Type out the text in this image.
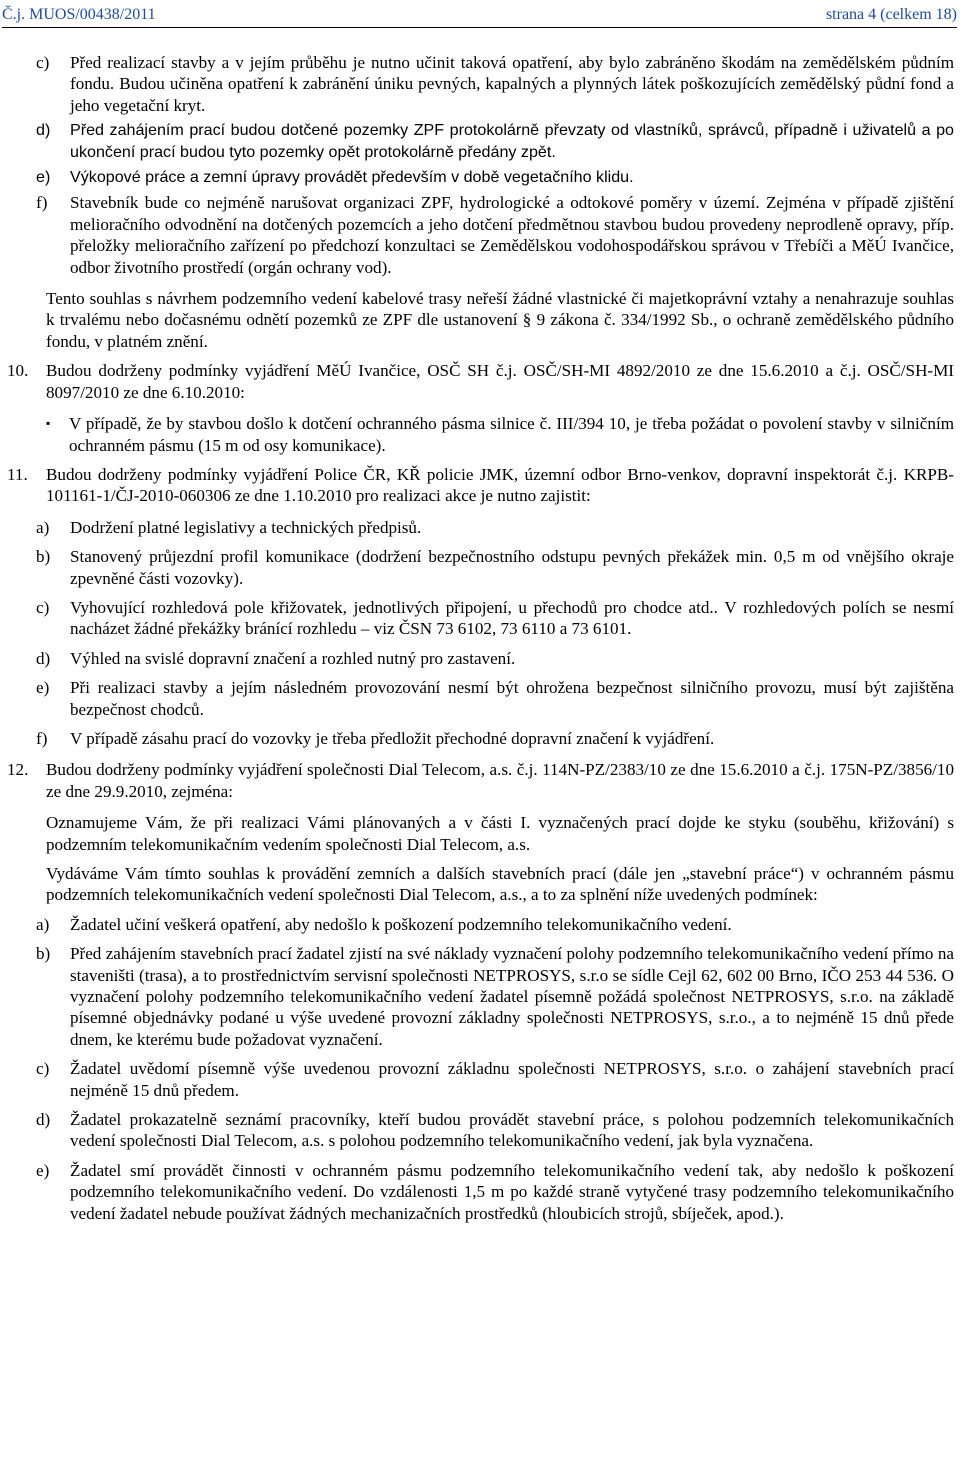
Č.j. MUOS/00438/2011	strana 4 (celkem 18)
c) Před realizací stavby a v jejím průběhu je nutno učinit taková opatření, aby bylo zabráněno škodám na zemědělském půdním fondu. Budou učiněna opatření k zabránění úniku pevných, kapalných a plynných látek poškozujících zemědělský půdní fond a jeho vegetační kryt.
d) Před zahájením prací budou dotčené pozemky ZPF protokolárně převzaty od vlastníků, správců, případně i uživatelů a po ukončení prací budou tyto pozemky opět protokolárně předány zpět.
e) Výkopové práce a zemní úpravy provádět především v době vegetačního klidu.
f) Stavebník bude co nejméně narušovat organizaci ZPF, hydrologické a odtokové poměry v území. Zejména v případě zjištění melioračního odvodnění na dotčených pozemcích a jeho dotčení předmětnou stavbou budou provedeny neprodleně opravy, příp. přeložky melioračního zařízení po předchozí konzultaci se Zemědělskou vodohospodářskou správou v Třebíči a MěÚ Ivančice, odbor životního prostředí (orgán ochrany vod).
Tento souhlas s návrhem podzemního vedení kabelové trasy neřeší žádné vlastnické či majetkoprávní vztahy a nenahrazuje souhlas k trvalému nebo dočasnému odnětí pozemků ze ZPF dle ustanovení § 9 zákona č. 334/1992 Sb., o ochraně zemědělského půdního fondu, v platném znění.
10. Budou dodrženy podmínky vyjádření MěÚ Ivančice, OSČ SH č.j. OSČ/SH-MI 4892/2010 ze dne 15.6.2010 a č.j. OSČ/SH-MI 8097/2010 ze dne 6.10.2010:
▪ V případě, že by stavbou došlo k dotčení ochranného pásma silnice č. III/394 10, je třeba požádat o povolení stavby v silničním ochranném pásmu (15 m od osy komunikace).
11. Budou dodrženy podmínky vyjádření Police ČR, KŘ policie JMK, územní odbor Brno-venkov, dopravní inspektorát č.j. KRPB-101161-1/ČJ-2010-060306 ze dne 1.10.2010 pro realizaci akce je nutno zajistit:
a) Dodržení platné legislativy a technických předpisů.
b) Stanovený průjezdní profil komunikace (dodržení bezpečnostního odstupu pevných překážek min. 0,5 m od vnějšího okraje zpevněné části vozovky).
c) Vyhovující rozhledová pole křižovatek, jednotlivých připojení, u přechodů pro chodce atd.. V rozhledových polích se nesmí nacházet žádné překážky bránící rozhledu – viz ČSN 73 6102, 73 6110 a 73 6101.
d) Výhled na svislé dopravní značení a rozhled nutný pro zastavení.
e) Při realizaci stavby a jejím následném provozování nesmí být ohrožena bezpečnost silničního provozu, musí být zajištěna bezpečnost chodců.
f) V případě zásahu prací do vozovky je třeba předložit přechodné dopravní značení k vyjádření.
12. Budou dodrženy podmínky vyjádření společnosti Dial Telecom, a.s. č.j. 114N-PZ/2383/10 ze dne 15.6.2010 a č.j. 175N-PZ/3856/10 ze dne 29.9.2010, zejména:
Oznamujeme Vám, že při realizaci Vámi plánovaných a v části I. vyznačených prací dojde ke styku (souběhu, křižování) s podzemním telekomunikačním vedením společnosti Dial Telecom, a.s.
Vydáváme Vám tímto souhlas k provádění zemních a dalších stavebních prací (dále jen „stavební práce“) v ochranném pásmu podzemních telekomunikačních vedení společnosti Dial Telecom, a.s., a to za splnění níže uvedených podmínek:
a) Žadatel učiní veškerá opatření, aby nedošlo k poškození podzemního telekomunikačního vedení.
b) Před zahájením stavebních prací žadatel zjistí na své náklady vyznačení polohy podzemního telekomunikačního vedení přímo na staveništi (trasa), a to prostřednictvím servisní společnosti NETPROSYS, s.r.o se sídle Cejl 62, 602 00 Brno, IČO 253 44 536. O vyznačení polohy podzemního telekomunikačního vedení žadatel písemně požádá společnost NETPROSYS, s.r.o. na základě písemné objednávky podané u výše uvedené provozní základny společnosti NETPROSYS, s.r.o., a to nejméně 15 dnů přede dnem, ke kterému bude požadovat vyznačení.
c) Žadatel uvědomí písemně výše uvedenou provozní základnu společnosti NETPROSYS, s.r.o. o zahájení stavebních prací nejméně 15 dnů předem.
d) Žadatel prokazatelně seznámí pracovníky, kteří budou provádět stavební práce, s polohou podzemních telekomunikačních vedení společnosti Dial Telecom, a.s. s polohou podzemního telekomunikačního vedení, jak byla vyznačena.
e) Žadatel smí provádět činnosti v ochranném pásmu podzemního telekomunikačního vedení tak, aby nedošlo k poškození podzemního telekomunikačního vedení. Do vzdálenosti 1,5 m po každé straně vytyčené trasy podzemního telekomunikačního vedení žadatel nebude používat žádných mechanizačních prostředků (hloubicích strojů, sbíječek, apod.).
